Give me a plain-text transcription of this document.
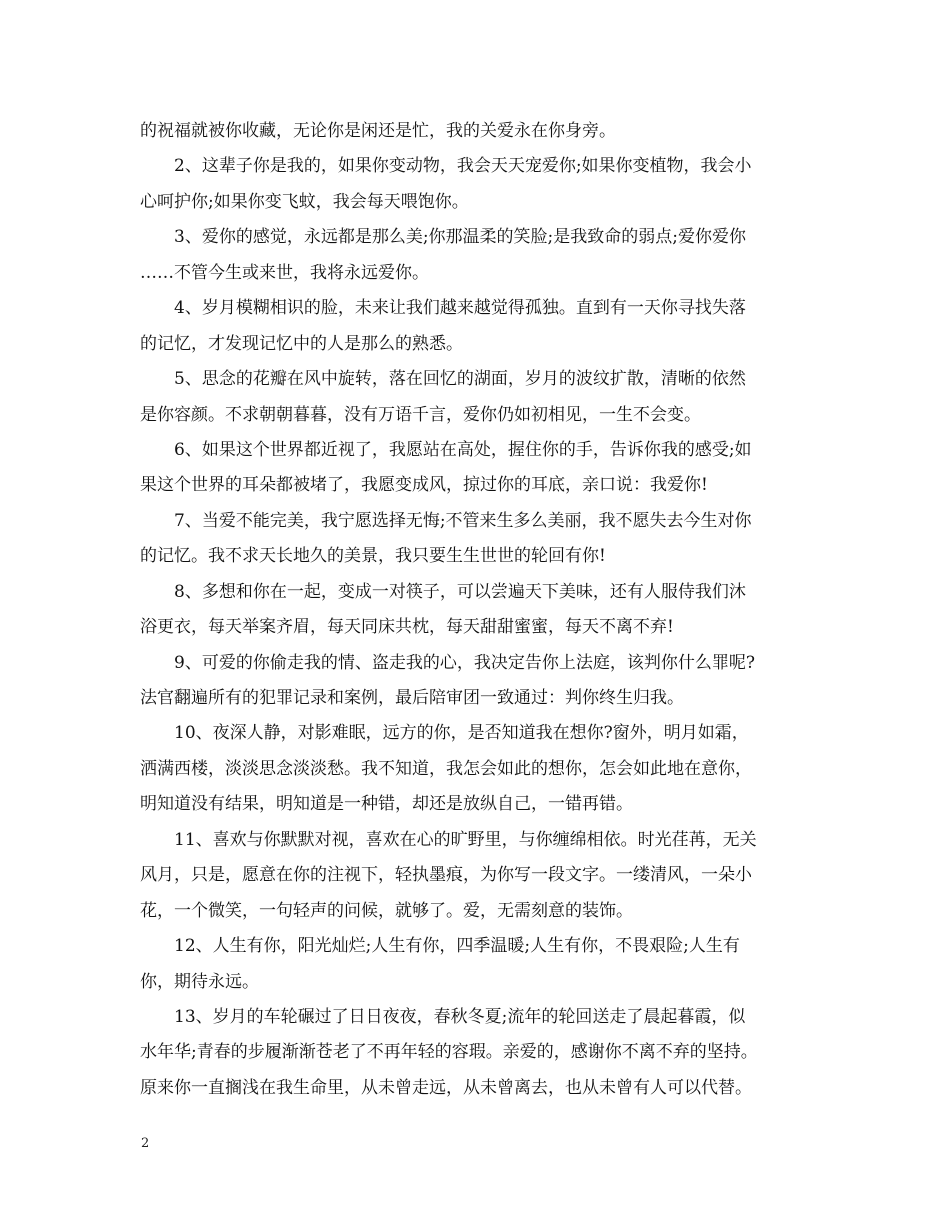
的祝福就被你收藏，无论你是闲还是忙，我的关爱永在你身旁。
2、这辈子你是我的，如果你变动物，我会天天宠爱你;如果你变植物，我会小
心呵护你;如果你变飞蚊，我会每天喂饱你。
3、爱你的感觉，永远都是那么美;你那温柔的笑脸;是我致命的弱点;爱你爱你
……不管今生或来世，我将永远爱你。
4、岁月模糊相识的脸，未来让我们越来越觉得孤独。直到有一天你寻找失落
的记忆，才发现记忆中的人是那么的熟悉。
5、思念的花瓣在风中旋转，落在回忆的湖面，岁月的波纹扩散，清晰的依然
是你容颜。不求朝朝暮暮，没有万语千言，爱你仍如初相见，一生不会变。
6、如果这个世界都近视了，我愿站在高处，握住你的手，告诉你我的感受;如
果这个世界的耳朵都被堵了，我愿变成风，掠过你的耳底，亲口说：我爱你!
7、当爱不能完美，我宁愿选择无悔;不管来生多么美丽，我不愿失去今生对你
的记忆。我不求天长地久的美景，我只要生生世世的轮回有你!
8、多想和你在一起，变成一对筷子，可以尝遍天下美味，还有人服侍我们沐
浴更衣，每天举案齐眉，每天同床共枕，每天甜甜蜜蜜，每天不离不弃!
9、可爱的你偷走我的情、盗走我的心，我决定告你上法庭，该判你什么罪呢?
法官翻遍所有的犯罪记录和案例，最后陪审团一致通过：判你终生归我。
10、夜深人静，对影难眠，远方的你，是否知道我在想你?窗外，明月如霜，
洒满西楼，淡淡思念淡淡愁。我不知道，我怎会如此的想你，怎会如此地在意你，
明知道没有结果，明知道是一种错，却还是放纵自己，一错再错。
11、喜欢与你默默对视，喜欢在心的旷野里，与你缠绵相依。时光荏苒，无关
风月，只是，愿意在你的注视下，轻执墨痕，为你写一段文字。一缕清风，一朵小
花，一个微笑，一句轻声的问候，就够了。爱，无需刻意的装饰。
12、人生有你，阳光灿烂;人生有你，四季温暖;人生有你，不畏艰险;人生有
你，期待永远。
13、岁月的车轮碾过了日日夜夜，春秋冬夏;流年的轮回送走了晨起暮霞，似
水年华;青春的步履渐渐苍老了不再年轻的容瑕。亲爱的，感谢你不离不弃的坚持。
原来你一直搁浅在我生命里，从未曾走远，从未曾离去，也从未曾有人可以代替。
2
